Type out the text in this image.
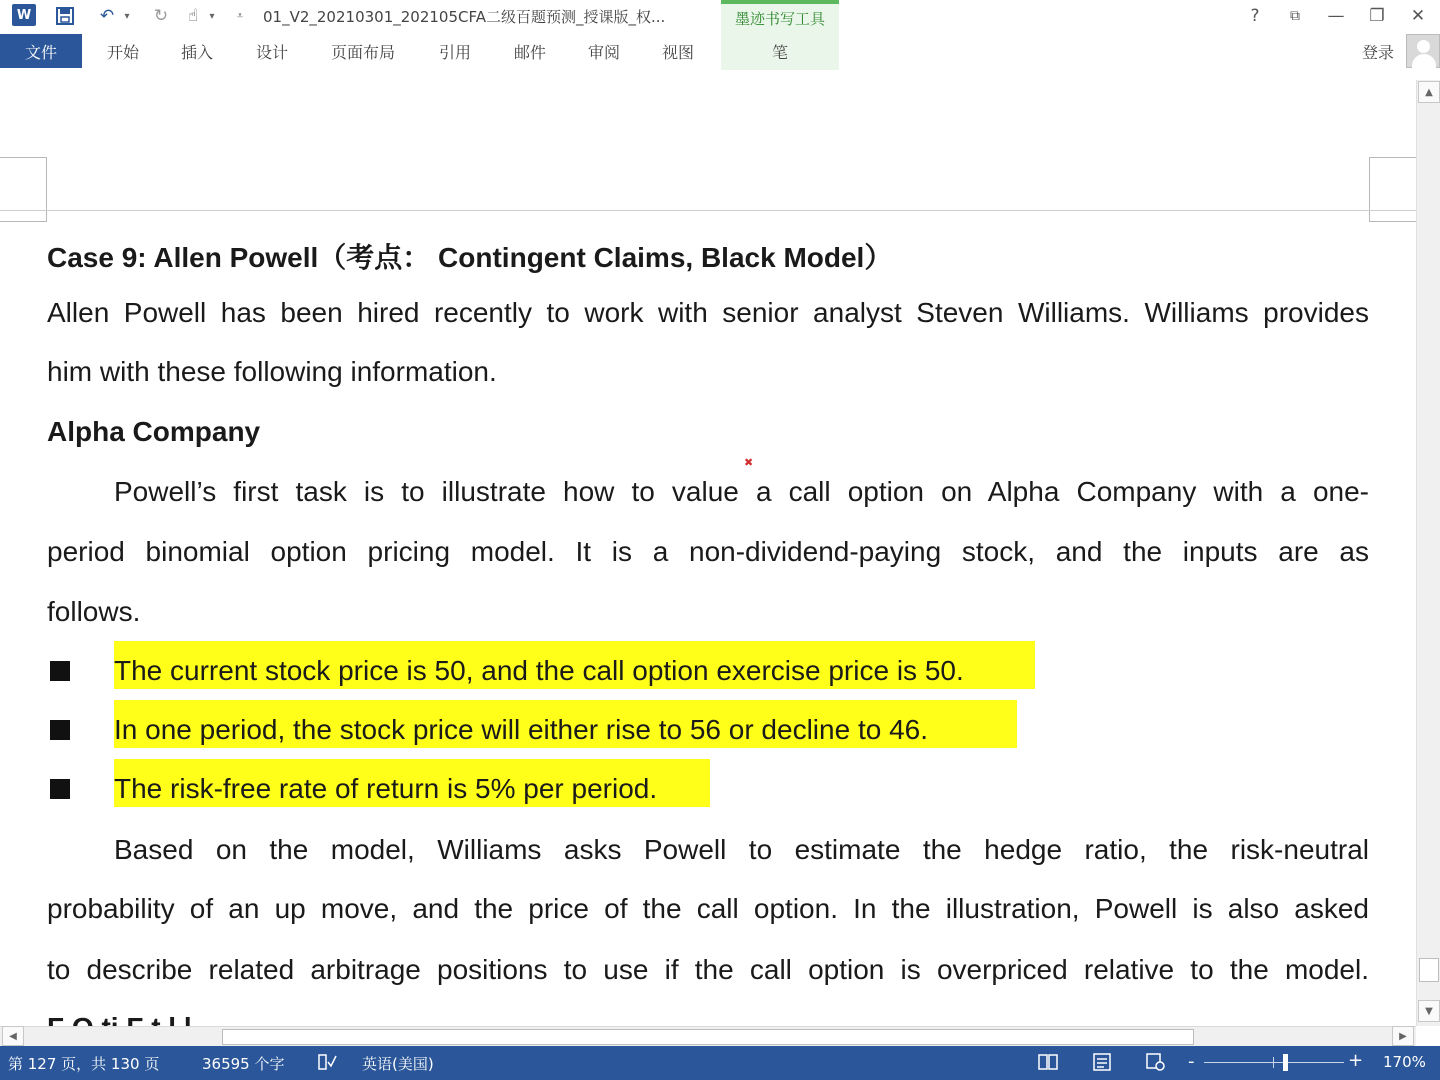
W	↶	▾	↻	☝	▾	⩡	01_V2_20210301_202105CFA二级百题预测_授课版_权...	墨迹书写工具	?	⧉	—	❐	✕
文件	开始	插入	设计	页面布局	引用	邮件	审阅	视图	笔	登录
Case 9: Allen Powell（考点： Contingent Claims, Black Model）
Allen Powell has been hired recently to work with senior analyst Steven Williams. Williams provides
him with these following information.
Alpha Company
✖
Powell’s first task is to illustrate how to value a call option on Alpha Company with a one-
period binomial option pricing model. It is a non-dividend-paying stock, and the inputs are as
follows.
The current stock price is 50, and the call option exercise price is 50.
In one period, the stock price will either rise to 56 or decline to 46.
The risk-free rate of return is 5% per period.
Based on the model, Williams asks Powell to estimate the hedge ratio, the risk-neutral
probability of an up move, and the price of the call option. In the illustration, Powell is also asked
to describe related arbitrage positions to use if the call option is overpriced relative to the model.
▲
▼
◀	▶
第 127 页，共 130 页	36595 个字	英语(美国)	-	+ 170%
